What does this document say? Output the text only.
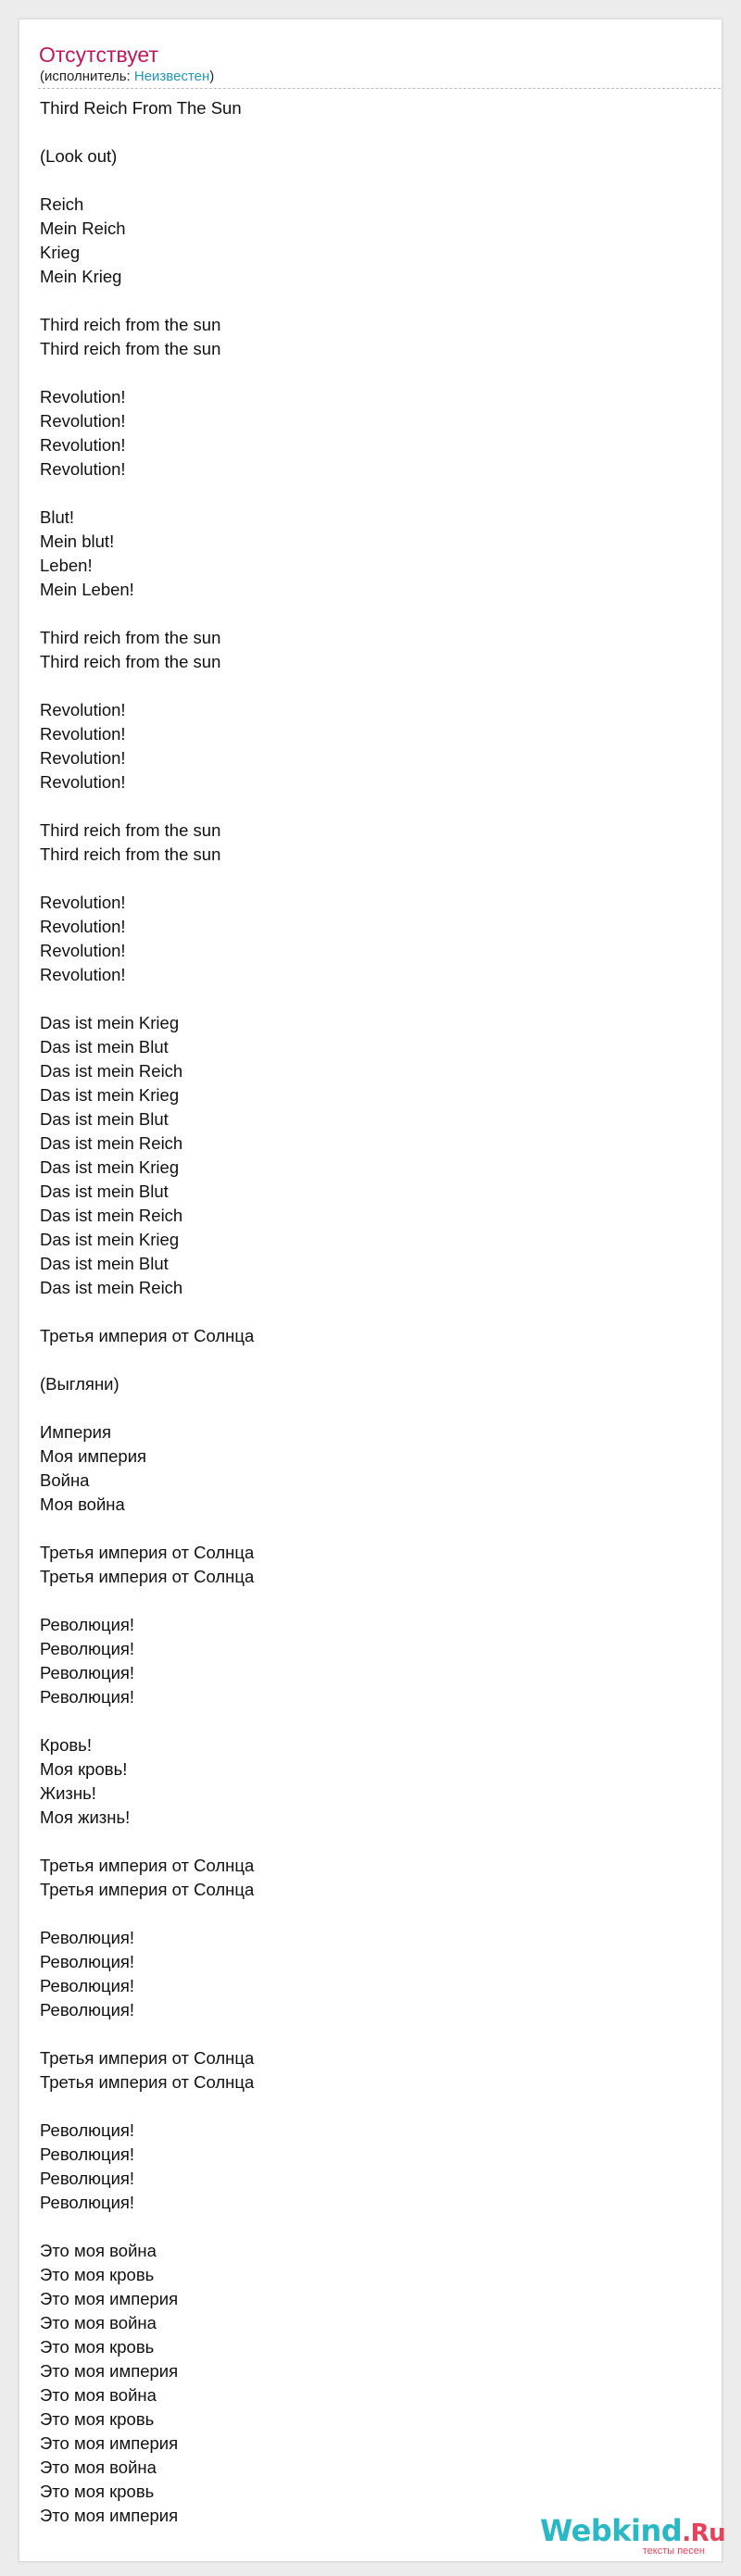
Отсутствует
(исполнитель: Неизвестен)
Third Reich From The Sun
(Look out)
Reich
Mein Reich
Krieg
Mein Krieg
Third reich from the sun
Third reich from the sun
Revolution!
Revolution!
Revolution!
Revolution!
Blut!
Mein blut!
Leben!
Mein Leben!
Third reich from the sun
Third reich from the sun
Revolution!
Revolution!
Revolution!
Revolution!
Third reich from the sun
Third reich from the sun
Revolution!
Revolution!
Revolution!
Revolution!
Das ist mein Krieg
Das ist mein Blut
Das ist mein Reich
Das ist mein Krieg
Das ist mein Blut
Das ist mein Reich
Das ist mein Krieg
Das ist mein Blut
Das ist mein Reich
Das ist mein Krieg
Das ist mein Blut
Das ist mein Reich
Третья империя от Солнца
(Выгляни)
Империя
Моя империя
Война
Моя война
Третья империя от Солнца
Третья империя от Солнца
Революция!
Революция!
Революция!
Революция!
Кровь!
Моя кровь!
Жизнь!
Моя жизнь!
Третья империя от Солнца
Третья империя от Солнца
Революция!
Революция!
Революция!
Революция!
Третья империя от Солнца
Третья империя от Солнца
Революция!
Революция!
Революция!
Революция!
Это моя война
Это моя кровь
Это моя империя
Это моя война
Это моя кровь
Это моя империя
Это моя война
Это моя кровь
Это моя империя
Это моя война
Это моя кровь
Это моя империя	Webkind.Ru
тексты песен
